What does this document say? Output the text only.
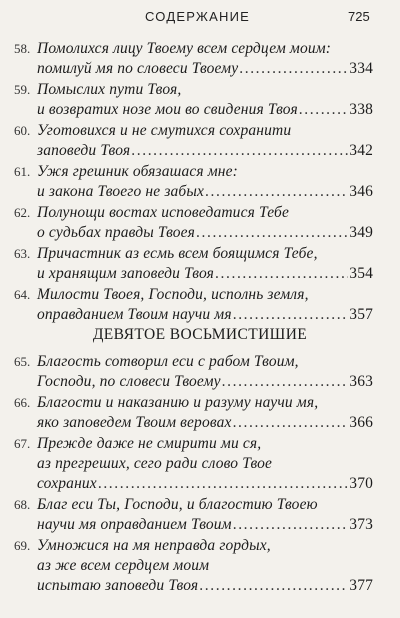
СОДЕРЖАНИЕ	725
58. Помолихся лицу Твоему всем сердцем моим:
помилуй мя по словеси Твоему .....	334
59. Помыслих пути Твоя,
и возвратих нозе мои во свидения Твоя .....	338
60. Уготовихся и не смутихся сохранити
заповеди Твоя .....	342
61. Ужя грешник обязашася мне:
и закона Твоего не забых .....	346
62. Полунощи востах исповедатися Тебе
о судьбах правды Твоея .....	349
63. Причастник аз есмь всем боящимся Тебе,
и хранящим заповеди Твоя .....	354
64. Милости Твоея, Господи, исполнь земля,
оправданием Твоим научи мя .....	357
ДЕВЯТОЕ ВОСЬМИСТИШИЕ
65. Благость сотворил еси с рабом Твоим,
Господи, по словеси Твоему .....	363
66. Благости и наказанию и разуму научи мя,
яко заповедем Твоим веровах .....	366
67. Прежде даже не смирити ми ся,
аз прегреших, сего ради слово Твое
сохраних .....	370
68. Благ еси Ты, Господи, и благостию Твоею
научи мя оправданием Твоим .....	373
69. Умножися на мя неправда гордых,
аз же всем сердцем моим
испытаю заповеди Твоя .....	377
